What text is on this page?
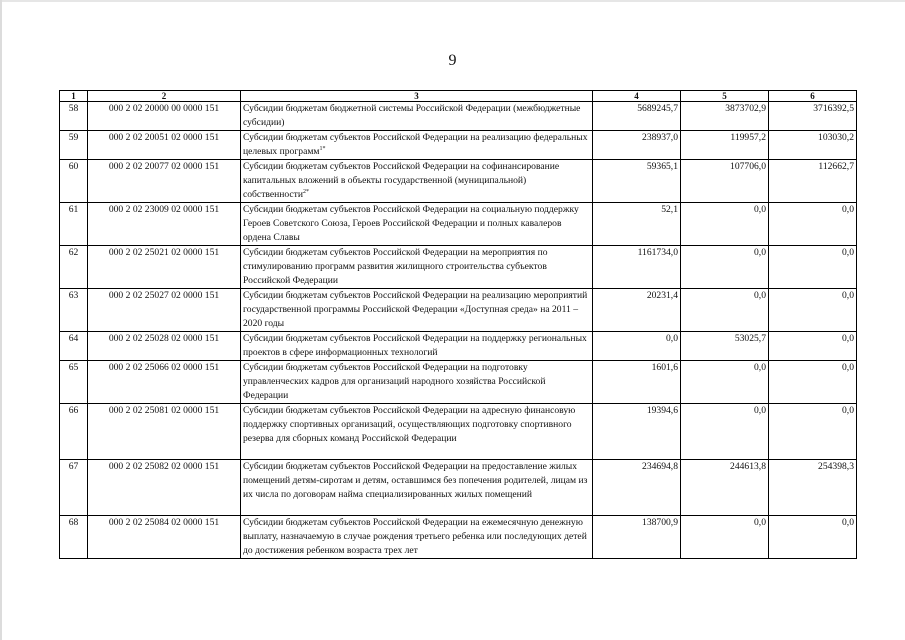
9
1	2	3	4	5	6
58	000 2 02 20000 00 0000 151	Субсидии бюджетам бюджетной системы Российской Федерации (межбюджетные субсидии)	5689245,7	3873702,9	3716392,5
59	000 2 02 20051 02 0000 151	Субсидии бюджетам субъектов Российской Федерации на реализацию федеральных целевых программ$^{1*}$	238937,0	119957,2	103030,2
60	000 2 02 20077 02 0000 151	Субсидии бюджетам субъектов Российской Федерации на софинансирование капитальных вложений в объекты государственной (муниципальной) собственности$^{2*}$	59365,1	107706,0	112662,7
61	000 2 02 23009 02 0000 151	Субсидии бюджетам субъектов Российской Федерации на социальную поддержку Героев Советского Союза, Героев Российской Федерации и полных кавалеров ордена Славы	52,1	0,0	0,0
62	000 2 02 25021 02 0000 151	Субсидии бюджетам субъектов Российской Федерации на мероприятия по стимулированию программ развития жилищного строительства субъектов Российской Федерации	1161734,0	0,0	0,0
63	000 2 02 25027 02 0000 151	Субсидии бюджетам субъектов Российской Федерации на реализацию мероприятий государственной программы Российской Федерации «Доступная среда» на 2011 – 2020 годы	20231,4	0,0	0,0
64	000 2 02 25028 02 0000 151	Субсидии бюджетам субъектов Российской Федерации на поддержку региональных проектов в сфере информационных технологий	0,0	53025,7	0,0
65	000 2 02 25066 02 0000 151	Субсидии бюджетам субъектов Российской Федерации на подготовку управленческих кадров для организаций народного хозяйства Российской Федерации	1601,6	0,0	0,0
66	000 2 02 25081 02 0000 151	Субсидии бюджетам субъектов Российской Федерации на адресную финансовую поддержку спортивных организаций, осуществляющих подготовку спортивного резерва для сборных команд Российской Федерации	19394,6	0,0	0,0
67	000 2 02 25082 02 0000 151	Субсидии бюджетам субъектов Российской Федерации на предоставление жилых помещений детям-сиротам и детям, оставшимся без попечения родителей, лицам из их числа по договорам найма специализированных жилых помещений	234694,8	244613,8	254398,3
68	000 2 02 25084 02 0000 151	Субсидии бюджетам субъектов Российской Федерации на ежемесячную денежную выплату, назначаемую в случае рождения третьего ребенка или последующих детей до достижения ребенком возраста трех лет	138700,9	0,0	0,0
